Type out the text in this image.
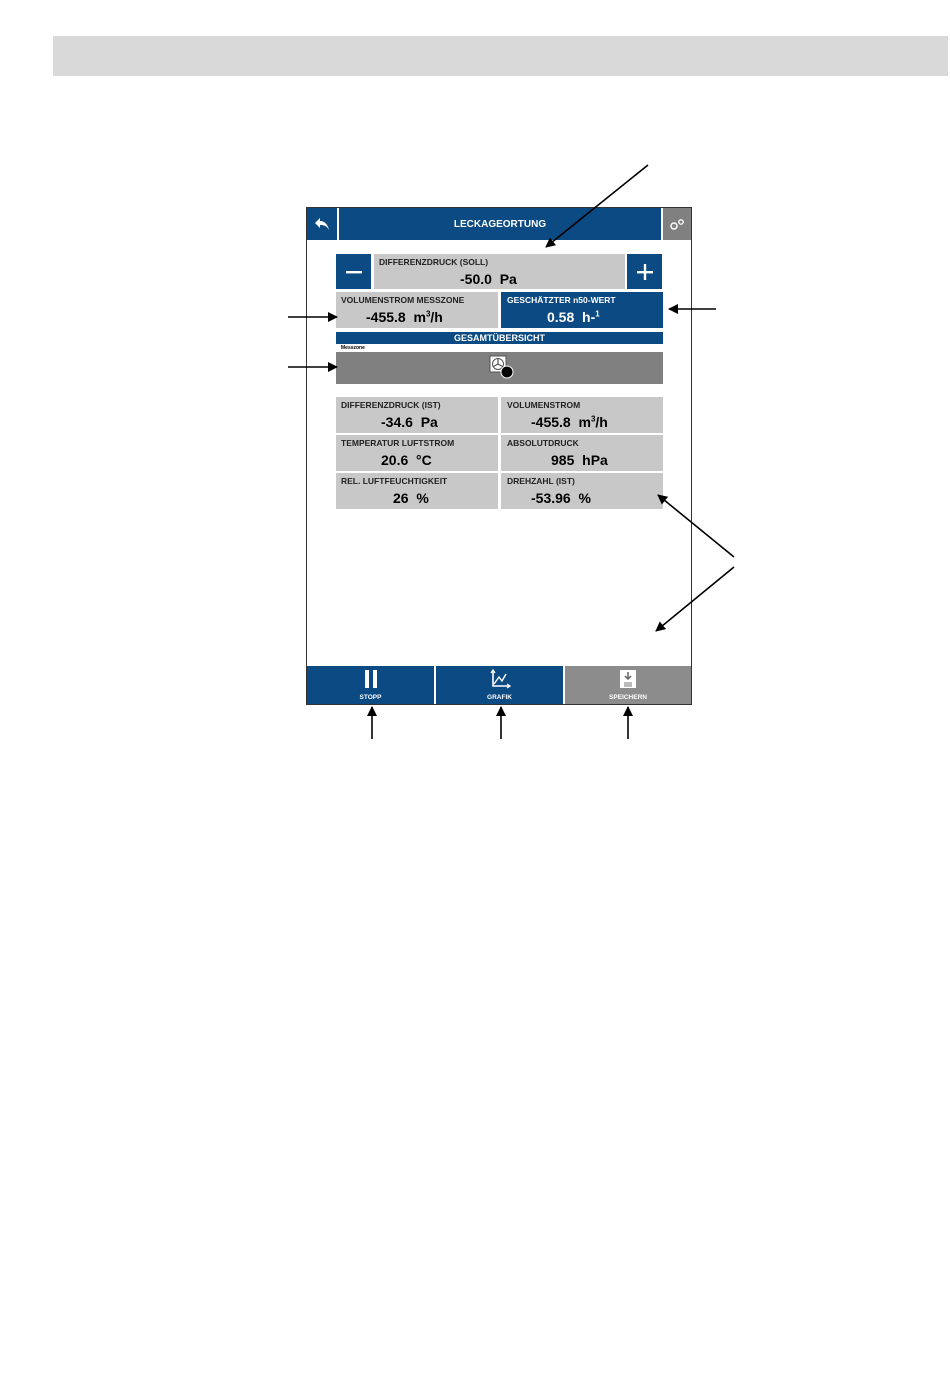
LECKAGEORTUNG
DIFFERENZDRUCK (SOLL)
-50.0 Pa
VOLUMENSTROM MESSZONE
-455.8 $m^3/h$
GESCHÄTZTER n50-WERT
0.58 h-$^1$
GESAMTÜBERSICHT
Messzone
DIFFERENZDRUCK (IST)
-34.6 Pa
VOLUMENSTROM
-455.8 $m^3/h$
TEMPERATUR LUFTSTROM
20.6 °C
ABSOLUTDRUCK
985 hPa
REL. LUFTFEUCHTIGKEIT
26 %
DREHZAHL (IST)
-53.96 %
STOPP	GRAFIK	SPEICHERN
